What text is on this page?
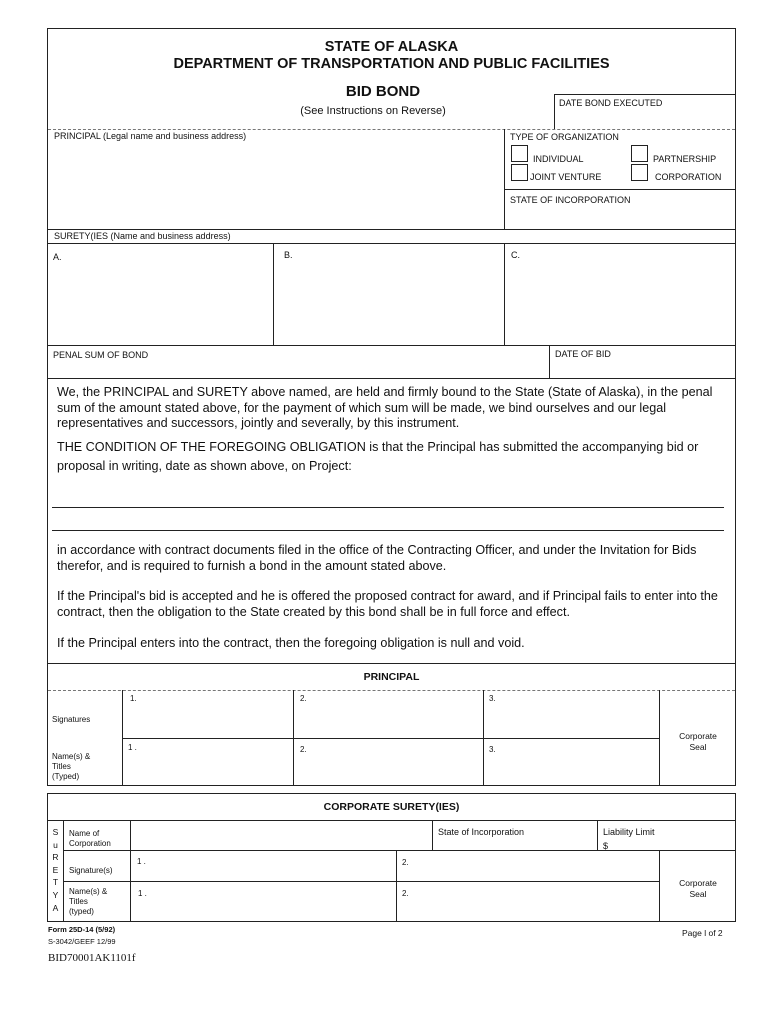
STATE OF ALASKA
DEPARTMENT OF TRANSPORTATION AND PUBLIC FACILITIES
BID BOND
(See Instructions on Reverse)
DATE BOND EXECUTED
PRINCIPAL (Legal name and business address)	TYPE OF ORGANIZATION
INDIVIDUAL	PARTNERSHIP
JOINT VENTURE	CORPORATION
STATE OF INCORPORATION
SURETY(IES (Name and business address)
A.	B.	C.
PENAL SUM OF BOND	DATE OF BID
We, the PRINCIPAL and SURETY above named, are held and firmly bound to the State (State of Alaska), in the penal sum of the amount stated above, for the payment of which sum will be made, we bind ourselves and our legal representatives and successors, jointly and severally, by this instrument.
THE CONDITION OF THE FOREGOING OBLIGATION is that the Principal has submitted the accompanying bid or proposal in writing, date as shown above, on Project:
in accordance with contract documents filed in the office of the Contracting Officer, and under the Invitation for Bids therefor, and is required to furnish a bond in the amount stated above.
If the Principal's bid is accepted and he is offered the proposed contract for award, and if Principal fails to enter into the contract, then the obligation to the State created by this bond shall be in full force and effect.
If the Principal enters into the contract, then the foregoing obligation is null and void.
PRINCIPAL
Signatures
Name(s) &
Titles
(Typed)
1.	2.	3.
1 .	2.	3.
Corporate
Seal
CORPORATE SURETY(IES)
S
u
R
E
T
Y
A
Name of
Corporation
State of Incorporation	Liability Limit
$
Signature(s)
1 .	2.
Name(s) &
Titles
(typed)
1 .	2.
Corporate
Seal
Form 25D-14 (5/92)
S-3042/GEEF 12/99
Page l of 2
BID70001AK1101f
